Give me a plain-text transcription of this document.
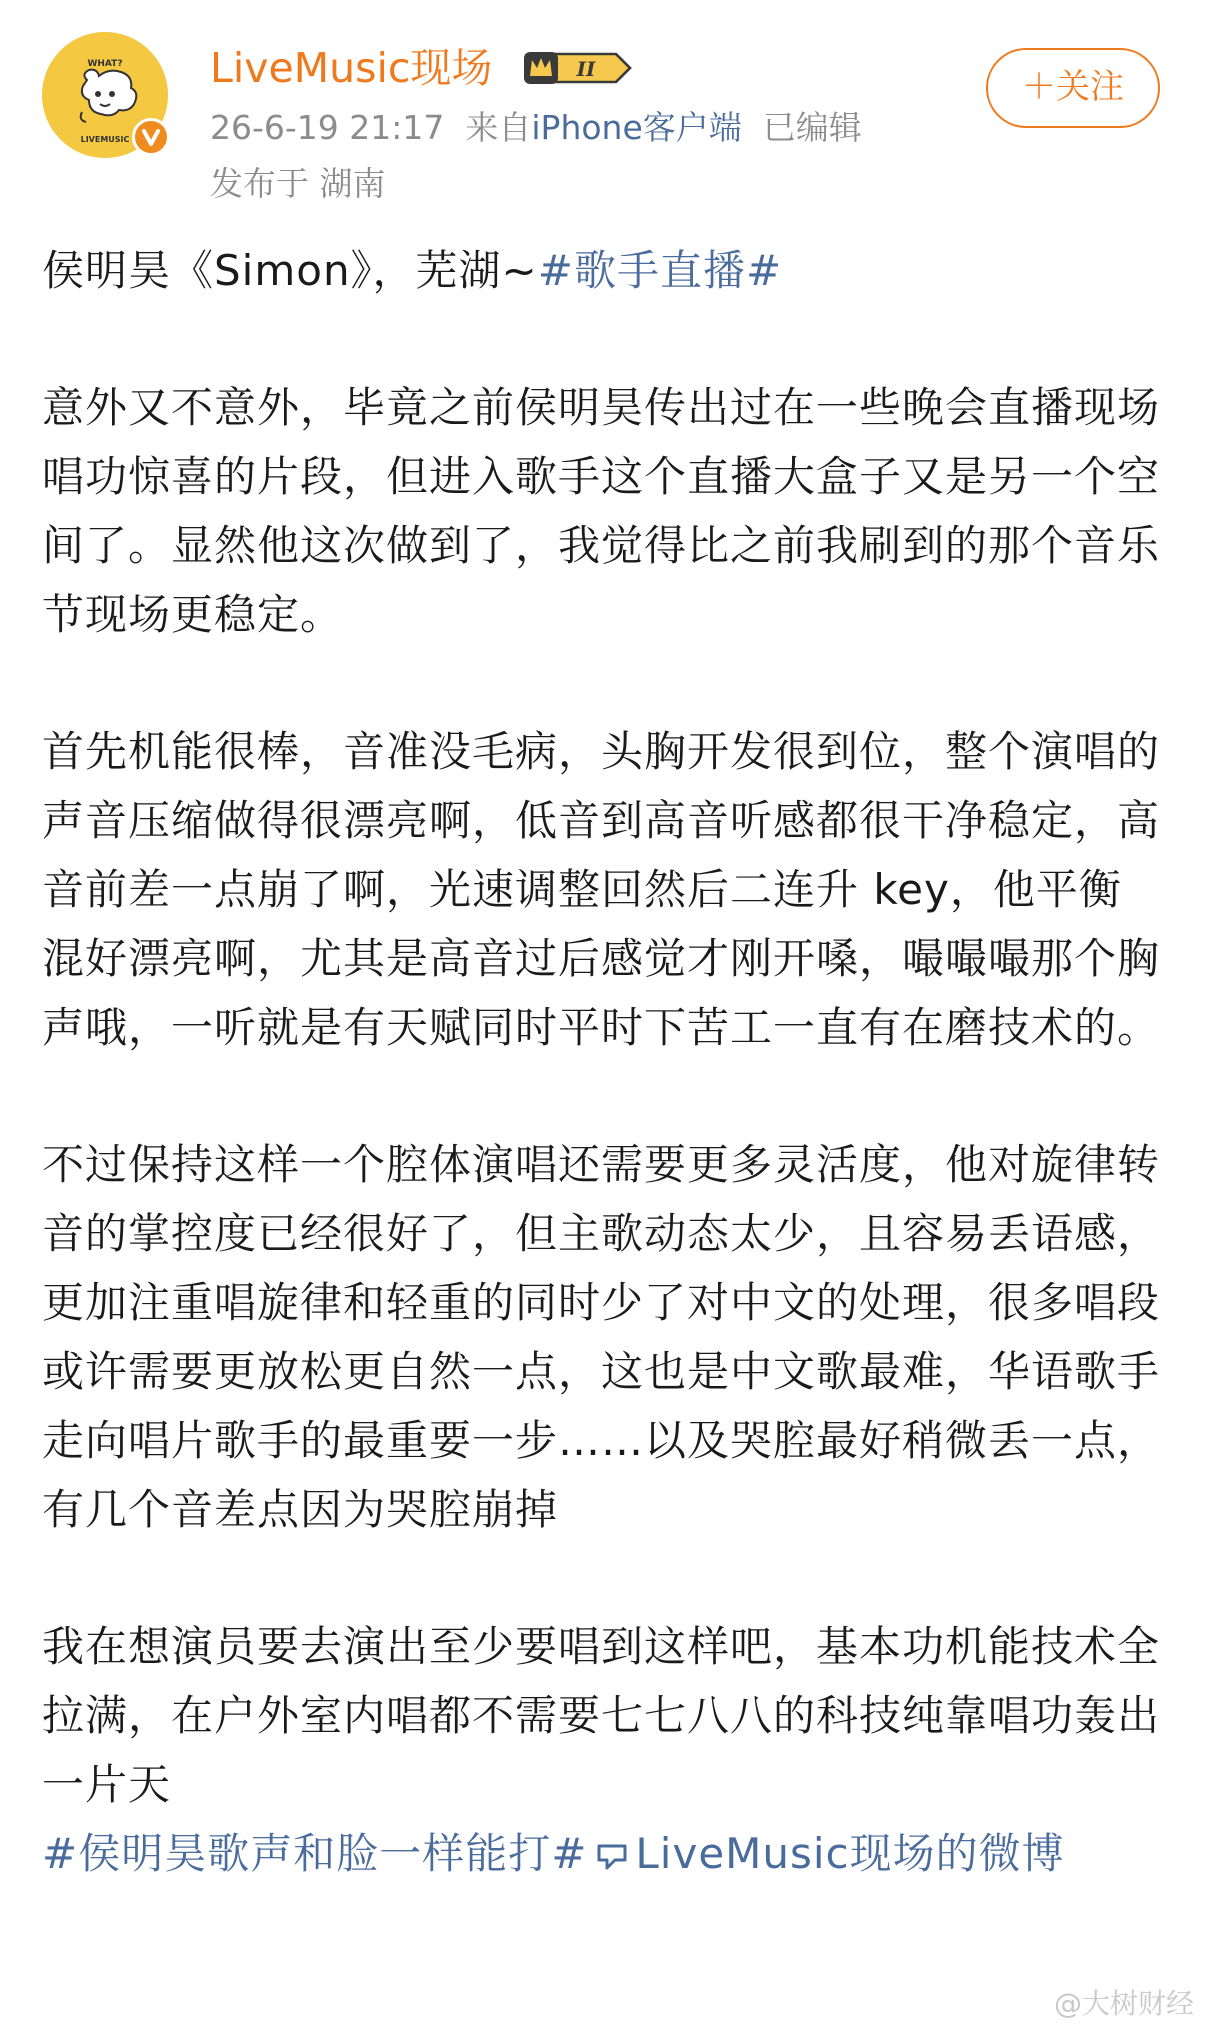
WHAT?
LIVEMUSIC
LiveMusic现场	II
26-6-19 21:17 来自iPhone客户端 已编辑
发布于 湖南
＋关注

侯明昊《Simon》，芜湖~#歌手直播#

意外又不意外，毕竟之前侯明昊传出过在一些晚会直播现场唱功惊喜的片段，但进入歌手这个直播大盒子又是另一个空间了。显然他这次做到了，我觉得比之前我刷到的那个音乐节现场更稳定。

首先机能很棒，音准没毛病，头胸开发很到位，整个演唱的声音压缩做得很漂亮啊，低音到高音听感都很干净稳定，高音前差一点崩了啊，光速调整回然后二连升 key，他平衡混好漂亮啊，尤其是高音过后感觉才刚开嗓，嘬嘬嘬那个胸声哦，一听就是有天赋同时平时下苦工一直有在磨技术的。

不过保持这样一个腔体演唱还需要更多灵活度，他对旋律转音的掌控度已经很好了，但主歌动态太少，且容易丢语感，更加注重唱旋律和轻重的同时少了对中文的处理，很多唱段或许需要更放松更自然一点，这也是中文歌最难，华语歌手走向唱片歌手的最重要一步……以及哭腔最好稍微丢一点，有几个音差点因为哭腔崩掉

我在想演员要去演出至少要唱到这样吧，基本功机能技术全拉满，在户外室内唱都不需要七七八八的科技纯靠唱功轰出一片天
#侯明昊歌声和脸一样能打# LiveMusic现场的微博

@大树财经
